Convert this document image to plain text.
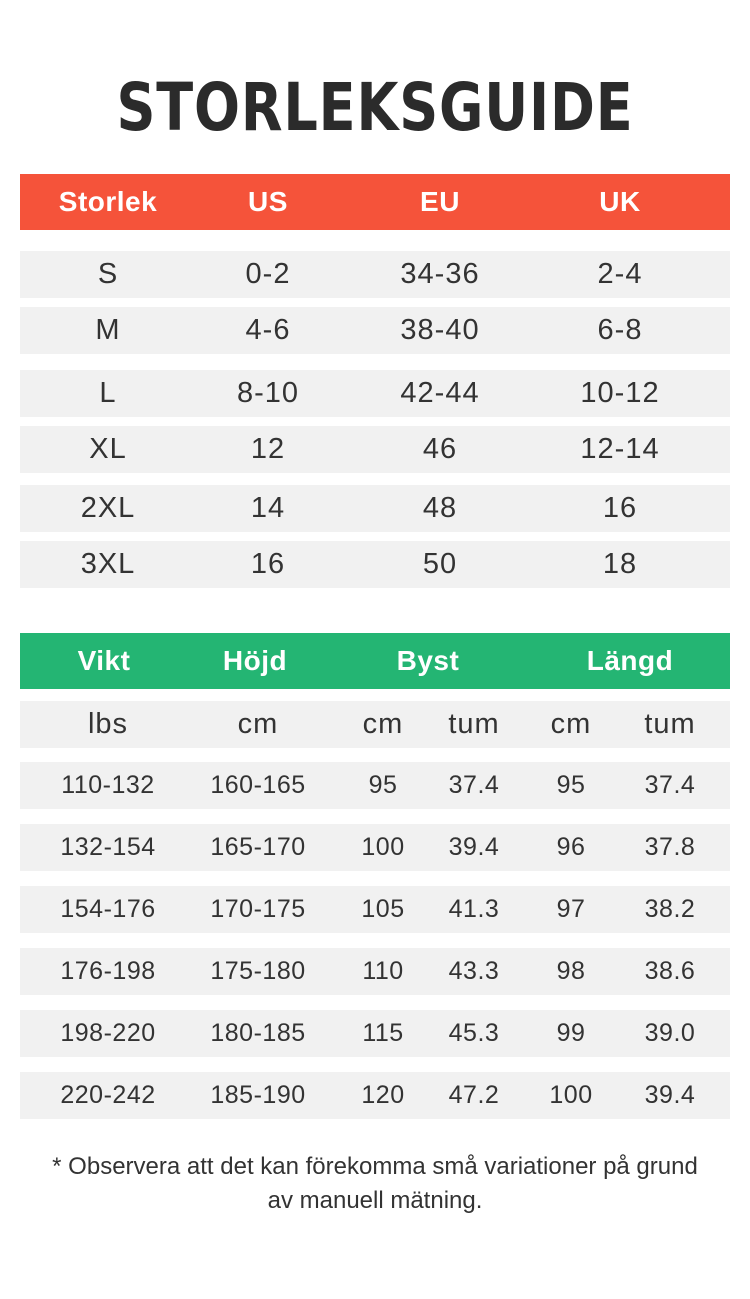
STORLEKSGUIDE
Storlek	US	EU	UK
S	0-2	34-36	2-4
M	4-6	38-40	6-8
L	8-10	42-44	10-12
XL	12	46	12-14
2XL	14	48	16
3XL	16	50	18
Vikt	Höjd	Byst	Längd
lbs	cm	cm	tum	cm	tum
110-132	160-165	95	37.4	95	37.4
132-154	165-170	100	39.4	96	37.8
154-176	170-175	105	41.3	97	38.2
176-198	175-180	110	43.3	98	38.6
198-220	180-185	115	45.3	99	39.0
220-242	185-190	120	47.2	100	39.4
* Observera att det kan förekomma små variationer på grund av manuell mätning.
